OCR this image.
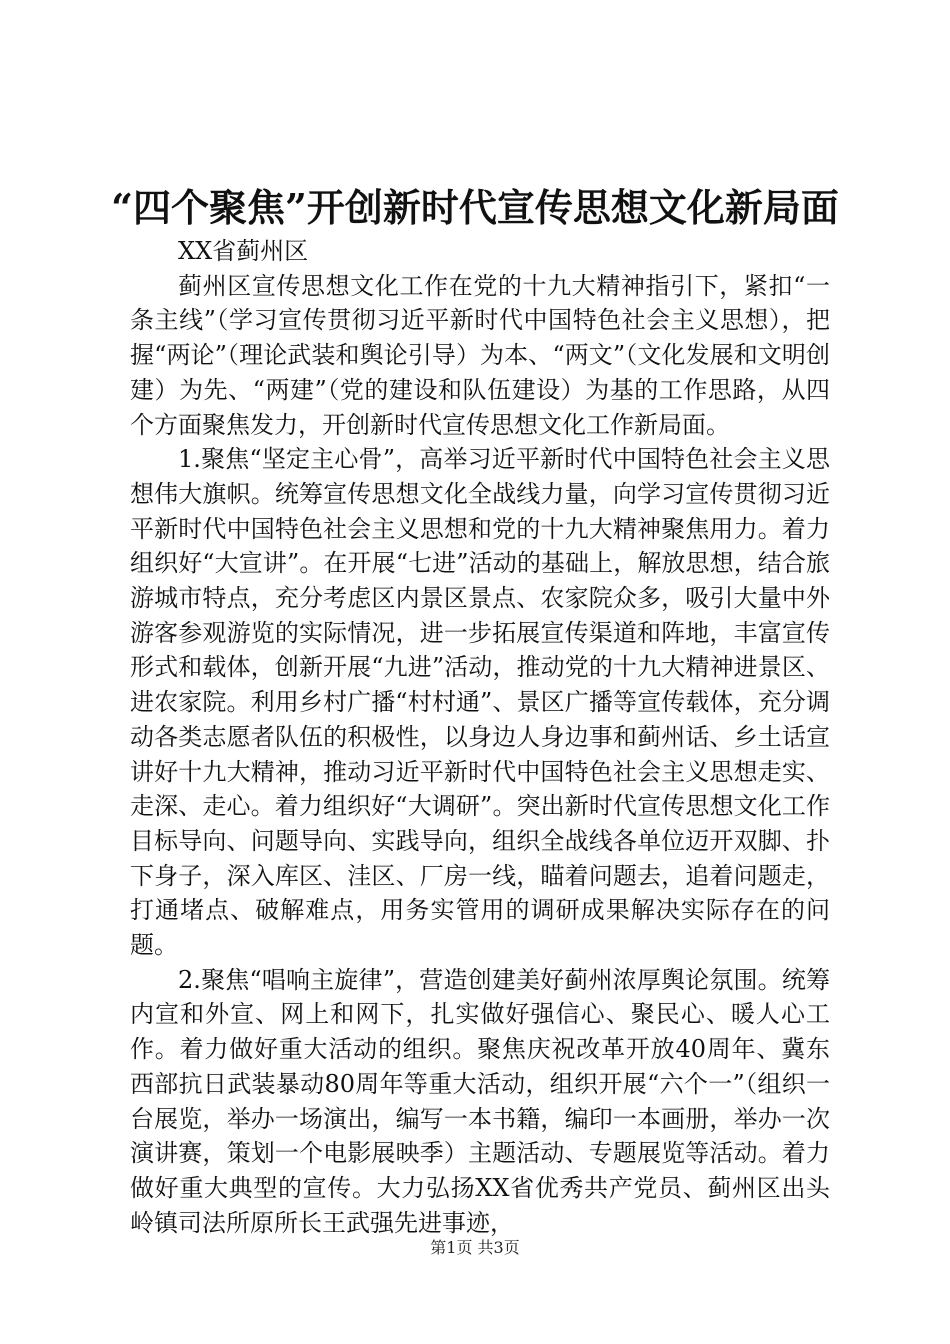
“四个聚焦”开创新时代宣传思想文化新局面

XX省蓟州区

蓟州区宣传思想文化工作在党的十九大精神指引下，紧扣“一条主线”（学习宣传贯彻习近平新时代中国特色社会主义思想），把握“两论”（理论武装和舆论引导）为本、“两文”（文化发展和文明创建）为先、“两建”（党的建设和队伍建设）为基的工作思路，从四个方面聚焦发力，开创新时代宣传思想文化工作新局面。

1.聚焦“坚定主心骨”，高举习近平新时代中国特色社会主义思想伟大旗帜。统筹宣传思想文化全战线力量，向学习宣传贯彻习近平新时代中国特色社会主义思想和党的十九大精神聚焦用力。着力组织好“大宣讲”。在开展“七进”活动的基础上，解放思想，结合旅游城市特点，充分考虑区内景区景点、农家院众多，吸引大量中外游客参观游览的实际情况，进一步拓展宣传渠道和阵地，丰富宣传形式和载体，创新开展“九进”活动，推动党的十九大精神进景区、进农家院。利用乡村广播“村村通”、景区广播等宣传载体，充分调动各类志愿者队伍的积极性，以身边人身边事和蓟州话、乡土话宣讲好十九大精神，推动习近平新时代中国特色社会主义思想走实、走深、走心。着力组织好“大调研”。突出新时代宣传思想文化工作目标导向、问题导向、实践导向，组织全战线各单位迈开双脚、扑下身子，深入库区、洼区、厂房一线，瞄着问题去，追着问题走，打通堵点、破解难点，用务实管用的调研成果解决实际存在的问题。

2.聚焦“唱响主旋律”，营造创建美好蓟州浓厚舆论氛围。统筹内宣和外宣、网上和网下，扎实做好强信心、聚民心、暖人心工作。着力做好重大活动的组织。聚焦庆祝改革开放40周年、冀东西部抗日武装暴动80周年等重大活动，组织开展“六个一”（组织一台展览，举办一场演出，编写一本书籍，编印一本画册，举办一次演讲赛，策划一个电影展映季）主题活动、专题展览等活动。着力做好重大典型的宣传。大力弘扬XX省优秀共产党员、蓟州区出头岭镇司法所原所长王武强先进事迹，

第1页 共3页
